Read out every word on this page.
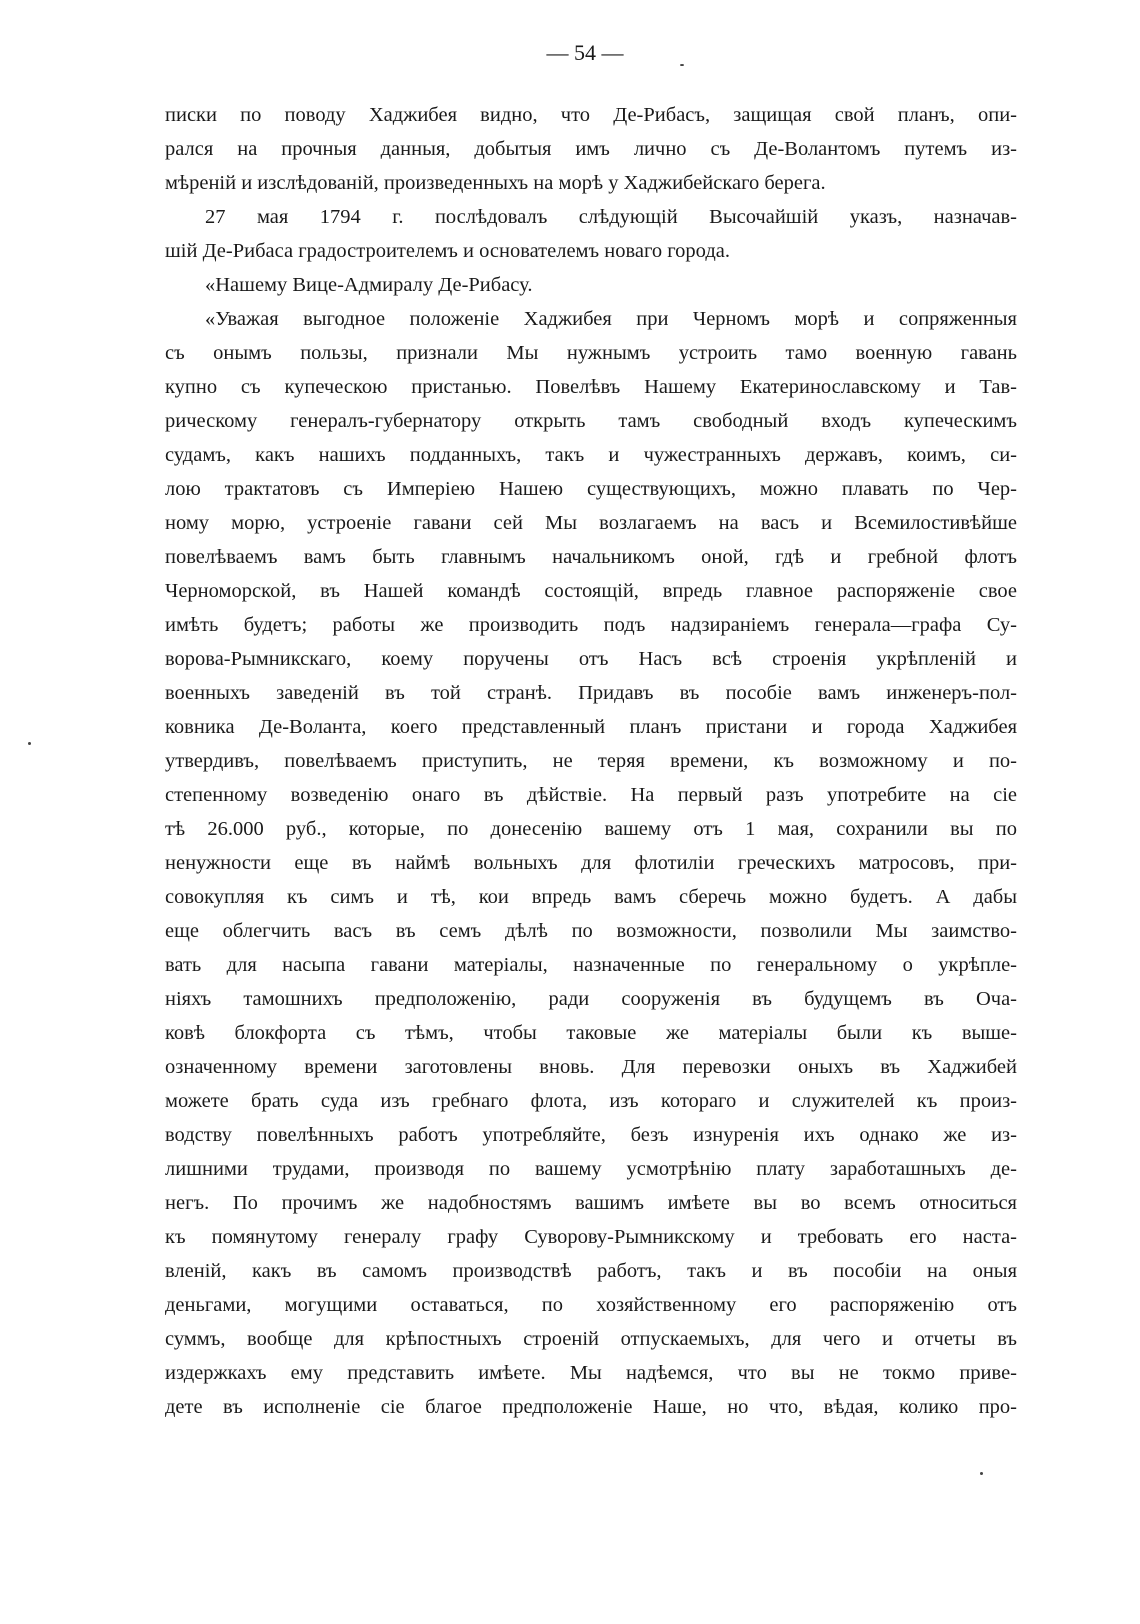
— 54 —
писки по поводу Хаджибея видно, что Де-Рибасъ, защищая свой планъ, опи-
рался на прочныя данныя, добытыя имъ лично съ Де-Волантомъ путемъ из-
мѣреній и изслѣдованій, произведенныхъ на морѣ у Хаджибейскаго берега.
27 мая 1794 г. послѣдовалъ слѣдующій Высочайшій указъ, назначав-
шій Де-Рибаса градостроителемъ и основателемъ новаго города.
«Нашему Вице-Адмиралу Де-Рибасу.
«Уважая выгодное положеніе Хаджибея при Черномъ морѣ и сопряженныя
съ онымъ пользы, признали Мы нужнымъ устроить тамо военную гавань
купно съ купеческою пристанью. Повелѣвъ Нашему Екатеринославскому и Тав-
рическому генералъ-губернатору открыть тамъ свободный входъ купеческимъ
судамъ, какъ нашихъ подданныхъ, такъ и чужестранныхъ державъ, коимъ, си-
лою трактатовъ съ Имперіею Нашею существующихъ, можно плавать по Чер-
ному морю, устроеніе гавани сей Мы возлагаемъ на васъ и Всемилостивѣйше
повелѣваемъ вамъ быть главнымъ начальникомъ оной, гдѣ и гребной флотъ
Черноморской, въ Нашей командѣ состоящій, впредь главное распоряженіе свое
имѣть будетъ; работы же производить подъ надзираніемъ генерала—графа Су-
ворова-Рымникскаго, коему поручены отъ Насъ всѣ строенія укрѣпленій и
военныхъ заведеній въ той странѣ. Придавъ въ пособіе вамъ инженеръ-пол-
ковника Де-Воланта, коего представленный планъ пристани и города Хаджибея
утвердивъ, повелѣваемъ приступить, не теряя времени, къ возможному и по-
степенному возведенію онаго въ дѣйствіе. На первый разъ употребите на сіе
тѣ 26.000 руб., которые, по донесенію вашему отъ 1 мая, сохранили вы по
ненужности еще въ наймѣ вольныхъ для флотиліи греческихъ матросовъ, при-
совокупляя къ симъ и тѣ, кои впредь вамъ сберечь можно будетъ. А дабы
еще облегчить васъ въ семъ дѣлѣ по возможности, позволили Мы заимство-
вать для насыпа гавани матеріалы, назначенные по генеральному о укрѣпле-
ніяхъ тамошнихъ предположенію, ради сооруженія въ будущемъ въ Оча-
ковѣ блокфорта съ тѣмъ, чтобы таковые же матеріалы были къ выше-
означенному времени заготовлены вновь. Для перевозки оныхъ въ Хаджибей
можете брать суда изъ гребнаго флота, изъ котораго и служителей къ произ-
водству повелѣнныхъ работъ употребляйте, безъ изнуренія ихъ однако же из-
лишними трудами, производя по вашему усмотрѣнію плату заработашныхъ де-
негъ. По прочимъ же надобностямъ вашимъ имѣете вы во всемъ относиться
къ помянутому генералу графу Суворову-Рымникскому и требовать его наста-
вленій, какъ въ самомъ производствѣ работъ, такъ и въ пособіи на оныя
деньгами, могущими оставаться, по хозяйственному его распоряженію отъ
суммъ, вообще для крѣпостныхъ строеній отпускаемыхъ, для чего и отчеты въ
издержкахъ ему представить имѣете. Мы надѣемся, что вы не токмо приве-
дете въ исполненіе сіе благое предположеніе Наше, но что, вѣдая, колико про-
